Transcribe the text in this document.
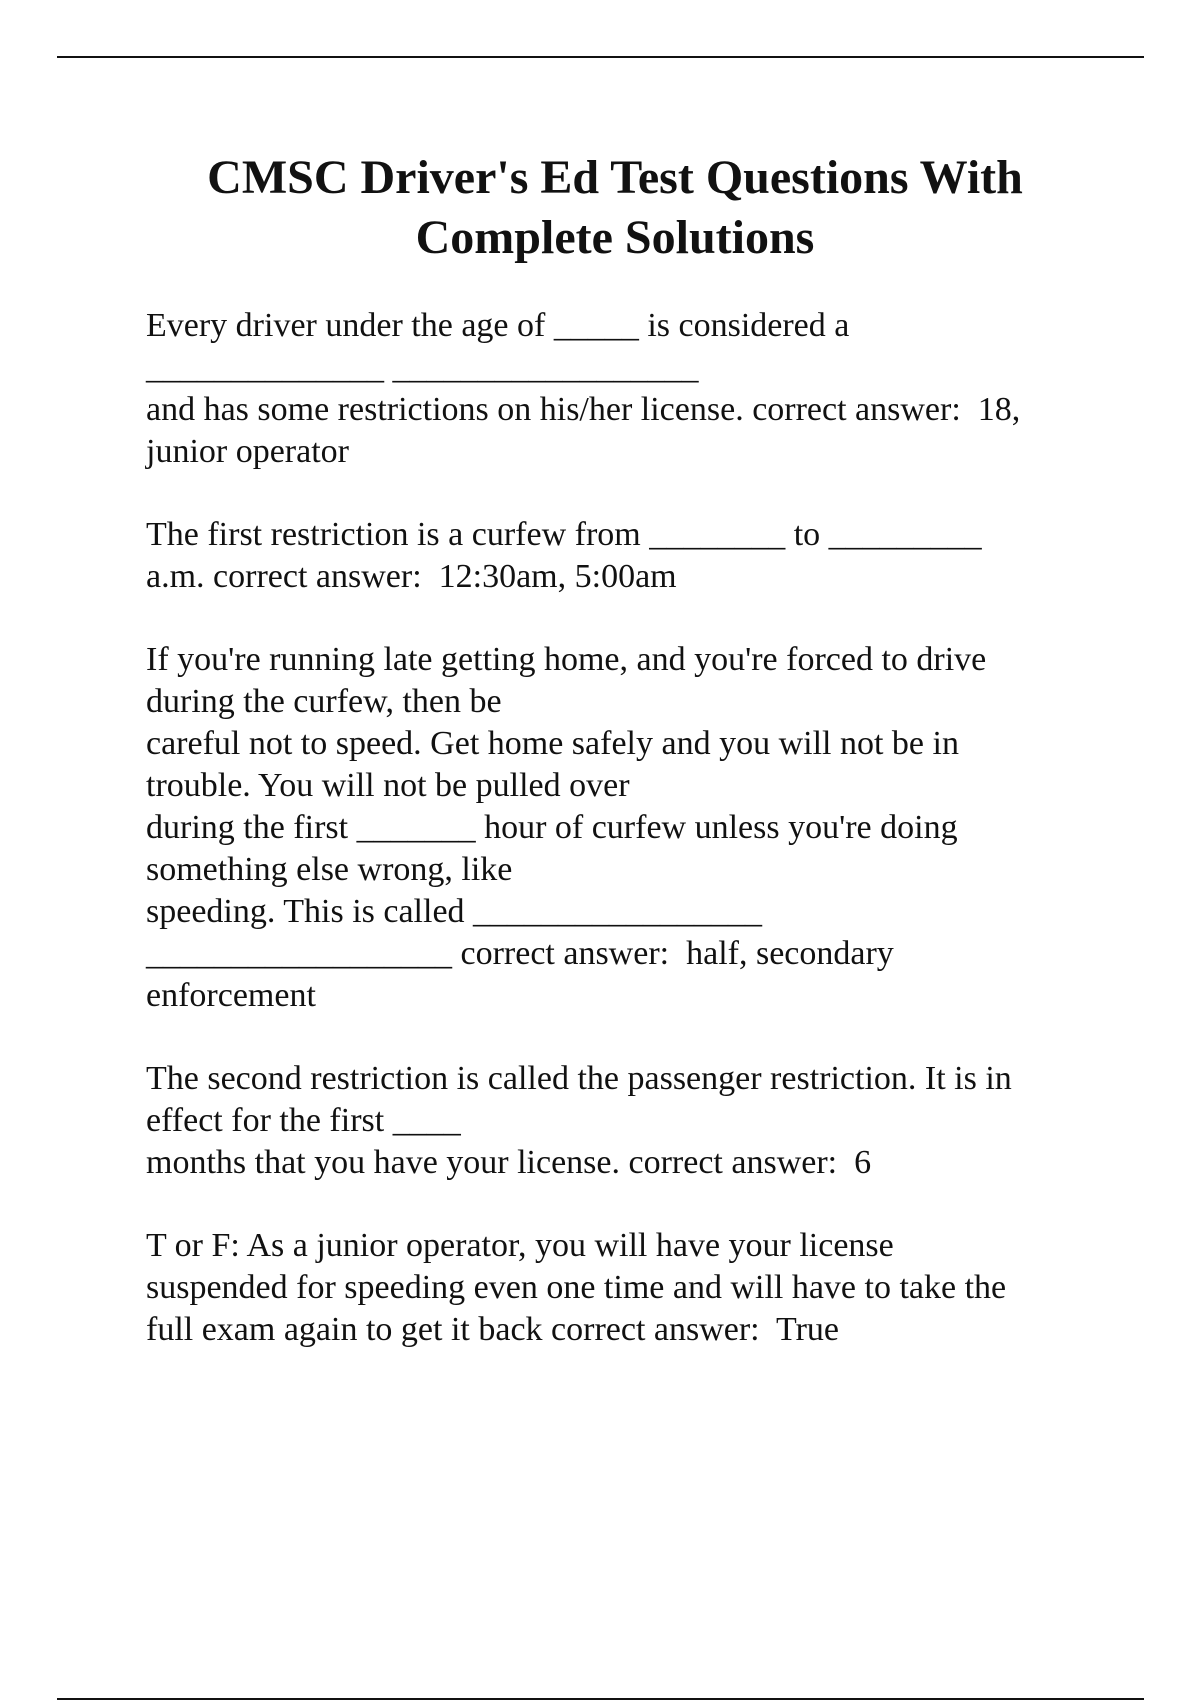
CMSC Driver's Ed Test Questions With
Complete Solutions
Every driver under the age of _____ is considered a
______________ __________________
and has some restrictions on his/her license. correct answer:  18,
junior operator
The first restriction is a curfew from ________ to _________
a.m. correct answer:  12:30am, 5:00am
If you're running late getting home, and you're forced to drive
during the curfew, then be
careful not to speed. Get home safely and you will not be in
trouble. You will not be pulled over
during the first _______ hour of curfew unless you're doing
something else wrong, like
speeding. This is called _________________
__________________ correct answer:  half, secondary
enforcement
The second restriction is called the passenger restriction. It is in
effect for the first ____
months that you have your license. correct answer:  6
T or F: As a junior operator, you will have your license
suspended for speeding even one time and will have to take the
full exam again to get it back correct answer:  True
